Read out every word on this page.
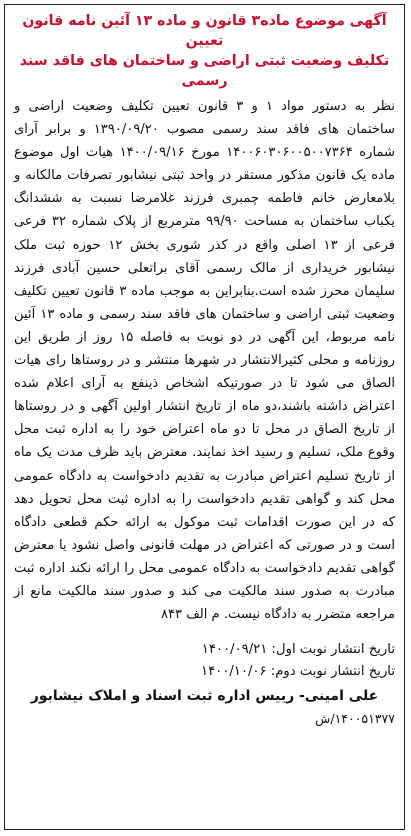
آگهی موضوع ماده۳ قانون و ماده ۱۳ آئین نامه قانون تعیین
تکلیف وضعیت ثبتی اراضی و ساختمان های فاقد سند رسمی

نظر به دستور مواد ۱ و ۳ قانون تعیین تکلیف وضعیت اراضی و ساختمان های فاقد سند رسمی مصوب ۱۳۹۰/۰۹/۲۰ و برابر آرای شماره ۱۴۰۰۶۰۳۰۶۰۰۵۰۰۷۳۶۴ مورخ ۱۴۰۰/۰۹/۱۶ هیات اول موضوع ماده یک قانون مذکور مستقر در واحد ثبتی نیشابور تصرفات مالکانه و بلامعارض خانم فاطمه چمبری فرزند غلامرضا نسبت به ششدانگ یکباب ساختمان به مساحت ۹۹/۹۰ مترمربع از پلاک شماره ۳۲ فرعی فرعی از ۱۳ اصلی واقع در کذر شوری بخش ۱۲ حوزه ثبت ملک نیشابور خریداری از مالک رسمی آقای براتعلی حسین آبادی فرزند سلیمان محرز شده است.بنابراین به موجب ماده ۳ قانون تعیین تکلیف وضعیت ثبتی اراضی و ساختمان های فاقد سند رسمی و ماده ۱۳ آئین نامه مربوط، این آگهی در دو نوبت به فاصله ۱۵ روز از طریق این روزنامه و محلی کثیرالانتشار در شهرها منتشر و در روستاها رای هیات الصاق می شود تا در صورتیکه اشخاص ذینفع به آرای اعلام شده اعتراض داشته باشند،دو ماه از تاریخ انتشار اولین آگهی و در روستاها از تاریخ الصاق در محل تا دو ماه اعتراض خود را به اداره ثبت محل وقوع ملک، تسلیم و رسید اخذ نمایند. معترض باید ظرف مدت یک ماه از تاریخ تسلیم اعتراض مبادرت به تقدیم دادخواست به دادگاه عمومی محل کند و گواهی تقدیم دادخواست را به اداره ثبت محل تحویل دهد که در این صورت اقدامات ثبت موکول به ارائه حکم قطعی دادگاه است و در صورتی که اعتراض در مهلت قانونی واصل نشود یا معترض گواهی تقدیم دادخواست به دادگاه عمومی محل را ارائه نکند اداره ثبت مبادرت به صدور سند مالکیت می کند و صدور سند مالکیت مانع از مراجعه متضرر به دادگاه نیست. م الف ۸۴۳

تاریخ انتشار نوبت اول: ۱۴۰۰/۰۹/۲۱
تاریخ انتشار نوبت دوم: ۱۴۰۰/۱۰/۰۶
علی امینی- رییس اداره ثبت اسناد و املاک نیشابور
۱۴۰۰۵۱۳۷۷/ش
